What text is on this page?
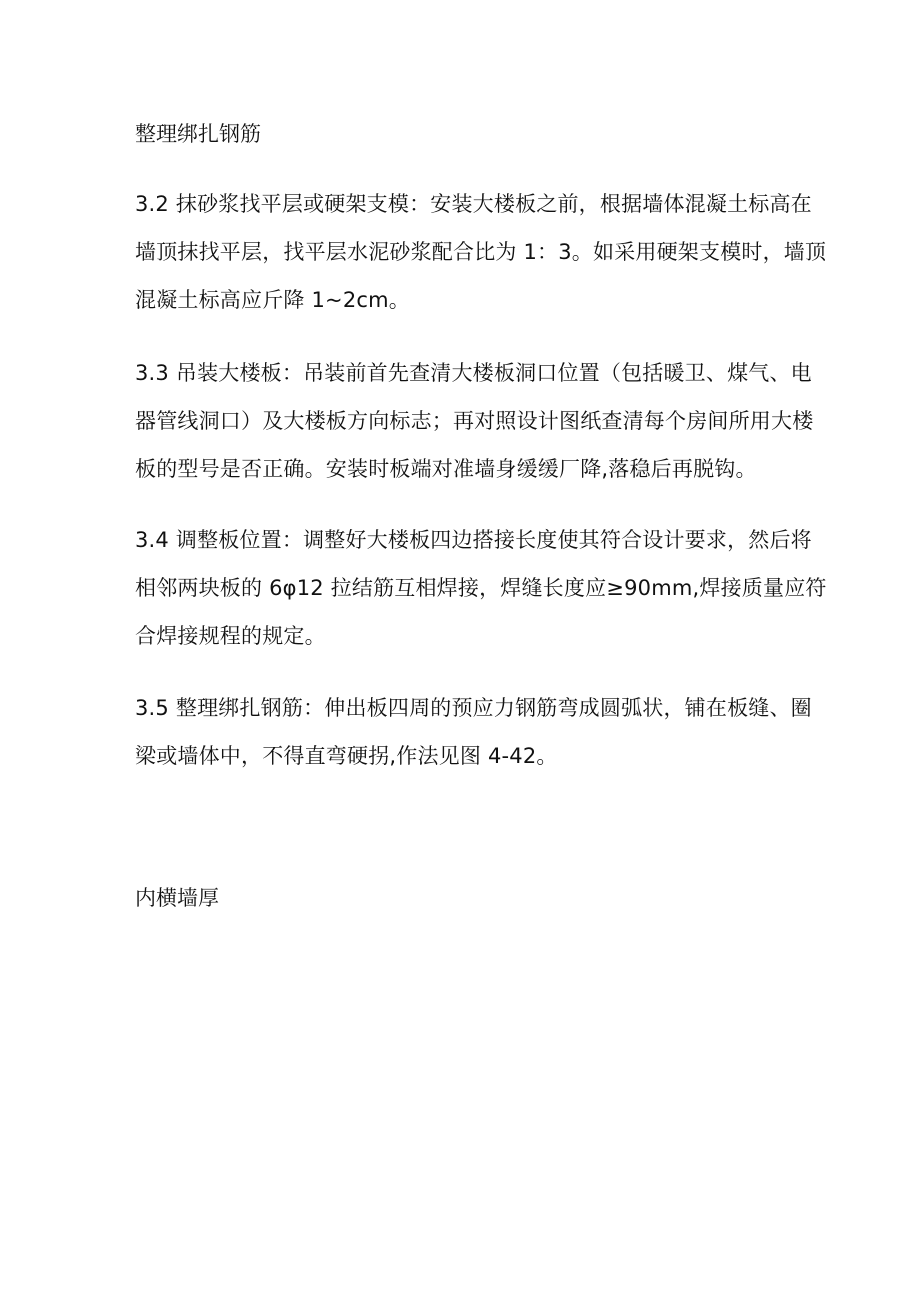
整理绑扎钢筋
3.2 抹砂浆找平层或硬架支模：安装大楼板之前，根据墙体混凝土标高在
墙顶抹找平层，找平层水泥砂浆配合比为 1：3。如采用硬架支模时，墙顶
混凝土标高应斤降 1~2cm。
3.3 吊装大楼板：吊装前首先查清大楼板洞口位置（包括暖卫、煤气、电
器管线洞口）及大楼板方向标志；再对照设计图纸查清每个房间所用大楼
板的型号是否正确。安装时板端对准墙身缓缓厂降,落稳后再脱钩。
3.4 调整板位置：调整好大楼板四边搭接长度使其符合设计要求，然后将
相邻两块板的 6φ12 拉结筋互相焊接，焊缝长度应≥90mm,焊接质量应符
合焊接规程的规定。
3.5 整理绑扎钢筋：伸出板四周的预应力钢筋弯成圆弧状，铺在板缝、圈
梁或墙体中，不得直弯硬拐,作法见图 4-42。
内横墙厚
